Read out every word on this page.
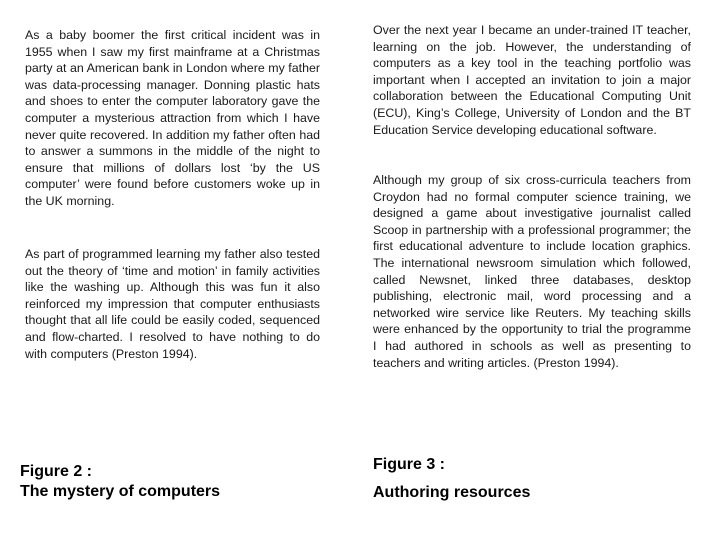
As a baby boomer the first critical incident was in 1955 when I saw my first mainframe at a Christmas party at an American bank in London where my father was data-processing manager. Donning plastic hats and shoes to enter the computer laboratory gave the computer a mysterious attraction from which I have never quite recovered. In addition my father often had to answer a summons in the middle of the night to ensure that millions of dollars lost ‘by the US computer’ were found before customers woke up in the UK morning.

As part of programmed learning my father also tested out the theory of ‘time and motion’ in family activities like the washing up. Although this was fun it also reinforced my impression that computer enthusiasts thought that all life could be easily coded, sequenced and flow-charted. I resolved to have nothing to do with computers (Preston 1994).

Over the next year I became an under-trained IT teacher, learning on the job. However, the understanding of computers as a key tool in the teaching portfolio was important when I accepted an invitation to join a major collaboration between the Educational Computing Unit (ECU), King’s College, University of London and the BT Education Service developing educational software.

Although my group of six cross-curricula teachers from Croydon had no formal computer science training, we designed a game about investigative journalist called Scoop in partnership with a professional programmer; the first educational adventure to include location graphics. The international newsroom simulation which followed, called Newsnet, linked three databases, desktop publishing, electronic mail, word processing and a networked wire service like Reuters. My teaching skills were enhanced by the opportunity to trial the programme I had authored in schools as well as presenting to teachers and writing articles. (Preston 1994).

Figure 2 :
The mystery of computers
Figure 3 :
Authoring resources
